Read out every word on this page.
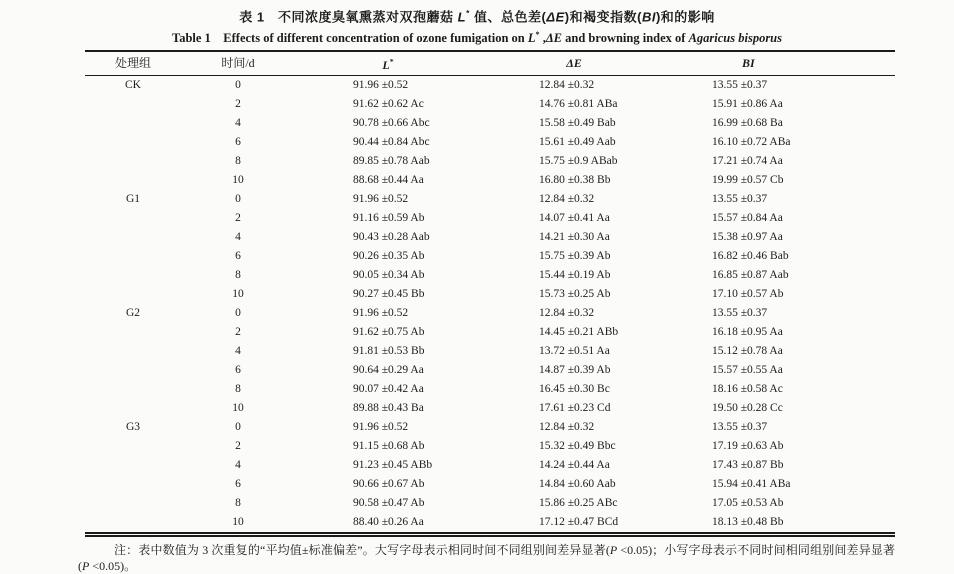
表 1　不同浓度臭氧熏蒸对双孢蘑菇 L* 值、总色差(ΔE)和褐变指数(BI)和的影响
Table 1　Effects of different concentration of ozone fumigation on L* ,ΔE and browning index of Agaricus bisporus
处理组	时间/d	L*	ΔE	BI
CK	0	91.96 ±0.52	12.84 ±0.32	13.55 ±0.37
	2	91.62 ±0.62 Ac	14.76 ±0.81 ABa	15.91 ±0.86 Aa
	4	90.78 ±0.66 Abc	15.58 ±0.49 Bab	16.99 ±0.68 Ba
	6	90.44 ±0.84 Abc	15.61 ±0.49 Aab	16.10 ±0.72 ABa
	8	89.85 ±0.78 Aab	15.75 ±0.9 ABab	17.21 ±0.74 Aa
	10	88.68 ±0.44 Aa	16.80 ±0.38 Bb	19.99 ±0.57 Cb
G1	0	91.96 ±0.52	12.84 ±0.32	13.55 ±0.37
	2	91.16 ±0.59 Ab	14.07 ±0.41 Aa	15.57 ±0.84 Aa
	4	90.43 ±0.28 Aab	14.21 ±0.30 Aa	15.38 ±0.97 Aa
	6	90.26 ±0.35 Ab	15.75 ±0.39 Ab	16.82 ±0.46 Bab
	8	90.05 ±0.34 Ab	15.44 ±0.19 Ab	16.85 ±0.87 Aab
	10	90.27 ±0.45 Bb	15.73 ±0.25 Ab	17.10 ±0.57 Ab
G2	0	91.96 ±0.52	12.84 ±0.32	13.55 ±0.37
	2	91.62 ±0.75 Ab	14.45 ±0.21 ABb	16.18 ±0.95 Aa
	4	91.81 ±0.53 Bb	13.72 ±0.51 Aa	15.12 ±0.78 Aa
	6	90.64 ±0.29 Aa	14.87 ±0.39 Ab	15.57 ±0.55 Aa
	8	90.07 ±0.42 Aa	16.45 ±0.30 Bc	18.16 ±0.58 Ac
	10	89.88 ±0.43 Ba	17.61 ±0.23 Cd	19.50 ±0.28 Cc
G3	0	91.96 ±0.52	12.84 ±0.32	13.55 ±0.37
	2	91.15 ±0.68 Ab	15.32 ±0.49 Bbc	17.19 ±0.63 Ab
	4	91.23 ±0.45 ABb	14.24 ±0.44 Aa	17.43 ±0.87 Bb
	6	90.66 ±0.67 Ab	14.84 ±0.60 Aab	15.94 ±0.41 ABa
	8	90.58 ±0.47 Ab	15.86 ±0.25 ABc	17.05 ±0.53 Ab
	10	88.40 ±0.26 Aa	17.12 ±0.47 BCd	18.13 ±0.48 Bb
注：表中数值为 3 次重复的“平均值±标准偏差”。大写字母表示相同时间不同组别间差异显著(P <0.05)；小写字母表示不同时间相同组别间差异显著(P <0.05)。
